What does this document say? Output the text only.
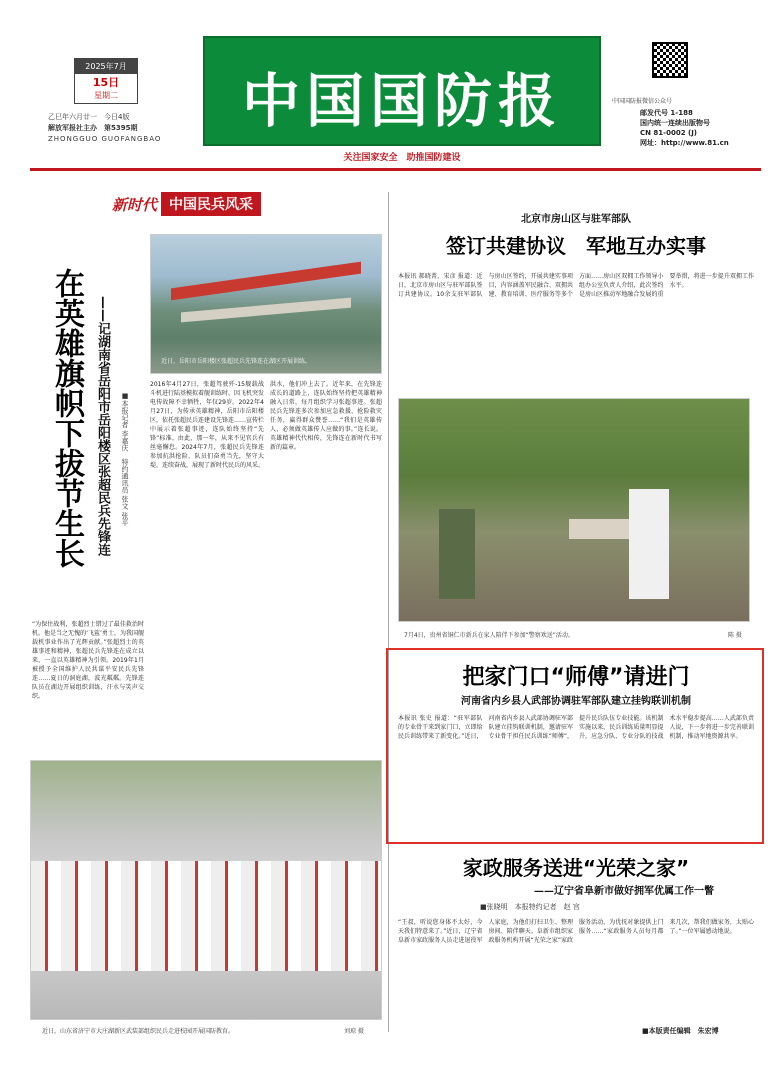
2025年7月
15日
星期二
乙巳年六月廿一　 今日4版
解放军报社主办　 第5395期
ZHONGGUO GUOFANGBAO
中国国防报
关注国家安全　助推国防建设
中国国防报微信公众号
邮发代号 1-188
国内统一连续出版物号
CN 81-0002 (J)
网址：http://www.81.cn
新时代 中国民兵风采
近日，岳阳市岳阳楼区张超民兵先锋连在湖区开展训练。
在英雄旗帜下拔节生长 ——记湖南省岳阳市岳阳楼区张超民兵先锋连 ■本报记者 李嘉庆　特约通讯员 张文 张平
“为保住战利，张超烈士错过了最佳救治时机。他是当之无愧的‘飞鲨’勇士，为我国舰载机事业作出了光辉贡献。”张超烈士的英雄事迹和精神，张超民兵先锋连在成立以来，一直以英雄精神为引领。2019年1月被授予全国维护人民共谋平安民兵先锋连……夏日的洞庭湖，波光粼粼。先锋连队员在湖边开展组织训练，汗水与笑声交织。
2016年4月27日，张超驾驶歼-15舰载战斗机进行陆基模拟着舰训练时，因飞机突发电传故障不幸牺牲，年仅29岁。2022年4月27日，为传承英雄精神，岳阳市岳阳楼区，依托张超民兵连建设先锋连……宣传栏中展示着张超事迹，连队始终坚持“先锋”标准。由此，那一年，从来不见官兵有丝毫懈怠。2024年7月，张超民兵先锋连参加抗洪抢险，队员们奋勇当先，坚守大堤，连续奋战，展现了新时代民兵的风采。
洪水，他们冲上去了。近年来，在先锋连成长的道路上，连队始终坚持把英雄精神融入日常，每月组织学习张超事迹。张超民兵先锋连多次参加应急救援、抢险救灾任务，赢得群众赞誉……“我们是英雄传人，必须做英雄传人应做的事。”连长说。英雄精神代代相传，先锋连在新时代书写新的篇章。
近日，山东省济宁市大庄湖新区武装部组织民兵走进校园开展国防教育。	刘琼 摄
北京市房山区与驻军部队
签订共建协议　军地互办实事
本报讯 郝晓菁、宋彦 报道：近日，北京市房山区与驻军部队签订共建协议。10余支驻军部队与房山区签约，开展共建实事项目，内容涵盖军民融合、双拥共建、教育培训、医疗服务等多个方面……房山区双拥工作领导小组办公室负责人介绍，此次签约是房山区推动军地融合发展的重要举措，将进一步提升双拥工作水平。
7月4日，贵州省铜仁市新兵在家人陪伴下参加“警察欢送”活动。	陈 摄
把家门口“师傅”请进门
河南省内乡县人武部协调驻军部队建立挂钩联训机制
本报讯 张史 报道：“驻军部队的专业骨干来到家门口，立即给民兵训练带来了新变化。”近日，河南省内乡县人武部协调驻军部队建立挂钩联训机制，邀请驻军专业骨干担任民兵训练“师傅”，提升民兵队伍专业技能。该机制实施以来，民兵训练质量明显提升，应急分队、专业分队的技战术水平稳步提高……人武部负责人说，下一步将进一步完善联训机制，推动军地资源共享。
家政服务送进“光荣之家”
——辽宁省阜新市做好拥军优属工作一瞥
■张晓明　本报特约记者　赵 宫
“王叔，听说您身体不太好，今天我们特意来了。”近日，辽宁省阜新市家政服务人员走进退役军人家庭，为他们打扫卫生、整理房间、陪伴聊天。阜新市组织家政服务机构开展“光荣之家”家政服务活动，为优抚对象提供上门服务……“家政服务人员每月都来几次，帮我们做家务，太贴心了。”一位军属感动地说。
■本版责任编辑　朱宏博
